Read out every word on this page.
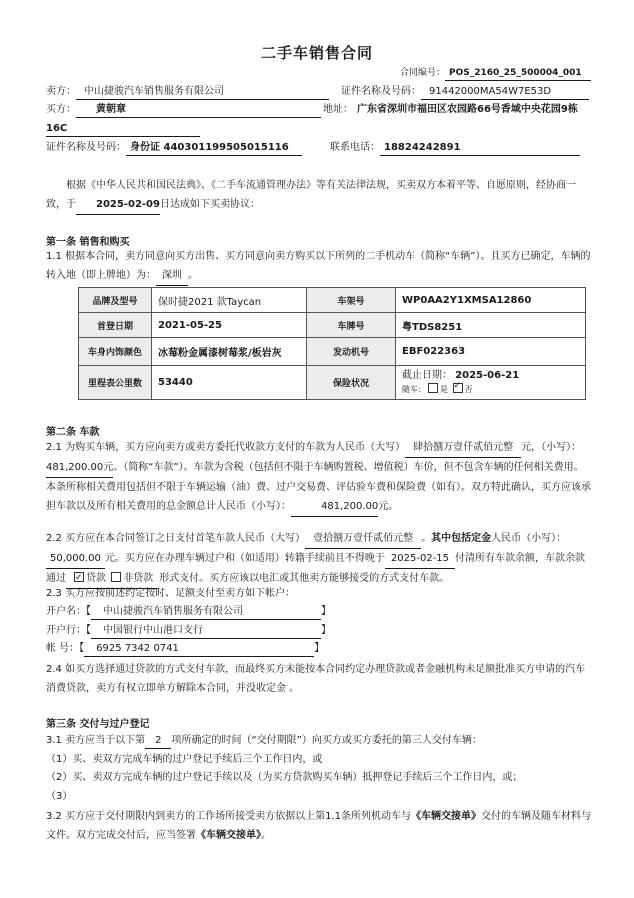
二手车销售合同
合同编号： POS_2160_25_500004_001
卖方： 中山捷骏汽车销售服务有限公司	证件名称及号码： 91442000MA54W7E53D
买方： 黄朝章	地址： 广东省深圳市福田区农园路66号香域中央花园9栋
16C
证件名称及号码： 身份证 440301199505015116	联系电话： 18824242891

根据《中华人民共和国民法典》、《二手车流通管理办法》等有关法律法规，买卖双方本着平等、自愿原则，经协商一致，于 2025-02-09日达成如下买卖协议：

第一条 销售和购买

1.1 根据本合同，卖方同意向买方出售、买方同意向卖方购买以下所列的二手机动车（简称“车辆”）。且买方已确定，车辆的转入地（即上牌地）为： 深圳 。

品牌及型号	保时捷2021 款Taycan	车架号	WP0AA2Y1XMSA12860
首登日期	2021-05-25	车牌号	粤TDS8251
车身内饰颜色	冰莓粉金属漆树莓浆/板岩灰	发动机号	EBF022363
里程表公里数	53440	保险状况	截止日期： 2025-06-21
随车： 是 ✓ 否
第二条 车款

2.1 为购买车辆，买方应向卖方或卖方委托代收款方支付的车款为人民币（大写） 肆拾捌万壹仟贰佰元整 元，（小写）：481,200.00元。（简称“车款”）。车款为含税（包括但不限于车辆购置税、增值税）车价，但不包含车辆的任何相关费用。本条所称相关费用包括但不限于车辆运输（油）费、过户交易费、评估验车费和保险费（如有）。双方特此确认，买方应该承担车款以及所有相关费用的总金额总计人民币（小写）：	481,200.00元。

2.2 买方应在本合同签订之日支付首笔车款人民币（大写） 壹拾捌万壹仟贰佰元整 。其中包括定金人民币（小写）：50,000.00 元。买方应在办理车辆过户和（如适用）转籍手续前且不得晚于 2025-02-15 付清所有车款余额，车款余款通过 ✓ 贷款 非贷款 形式支付。买方应该以电汇或其他卖方能够接受的方式支付车款。

2.3 买方应按前述约定按时、足额支付至卖方如下帐户：
开户名：【 中山捷骏汽车销售服务有限公司	】
开户行：【 中国银行中山港口支行	】
帐 号：【 6925 7342 0741	】

2.4 如买方选择通过贷款的方式支付车款，而最终买方未能按本合同约定办理贷款或者金融机构未足额批准买方申请的汽车消费贷款，卖方有权立即单方解除本合同，并没收定金 。

第三条 交付与过户登记
3.1 卖方应当于以下第 2 项所确定的时间（“交付期限”）向买方或买方委托的第三人交付车辆：
（1）买、卖双方完成车辆的过户登记手续后三个工作日内，或
（2）买、卖双方完成车辆的过户登记手续以及（为买方贷款购买车辆）抵押登记手续后三个工作日内，或；
（3）

3.2 买方应于交付期限内到卖方的工作场所接受卖方依据以上第1.1条所列机动车与《车辆交接单》交付的车辆及随车材料与文件。双方完成交付后，应当签署《车辆交接单》。
